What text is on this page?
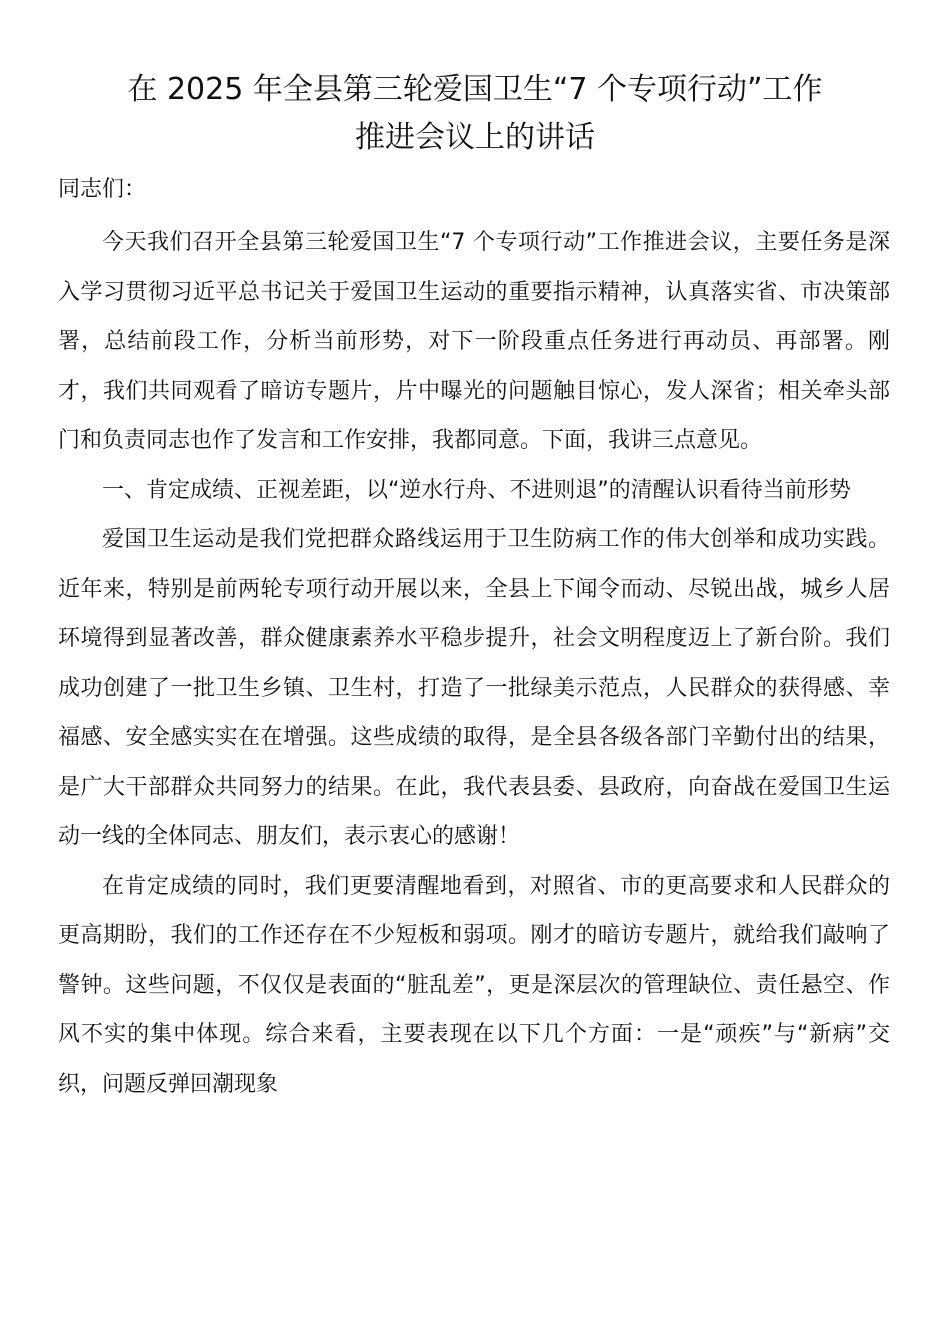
在 2025 年全县第三轮爱国卫生“7 个专项行动”工作
推进会议上的讲话

同志们：

今天我们召开全县第三轮爱国卫生“7 个专项行动”工作推进会议，主要任务是深入学习贯彻习近平总书记关于爱国卫生运动的重要指示精神，认真落实省、市决策部署，总结前段工作，分析当前形势，对下一阶段重点任务进行再动员、再部署。刚才，我们共同观看了暗访专题片，片中曝光的问题触目惊心，发人深省；相关牵头部门和负责同志也作了发言和工作安排，我都同意。下面，我讲三点意见。

一、肯定成绩、正视差距，以“逆水行舟、不进则退”的清醒认识看待当前形势

爱国卫生运动是我们党把群众路线运用于卫生防病工作的伟大创举和成功实践。近年来，特别是前两轮专项行动开展以来，全县上下闻令而动、尽锐出战，城乡人居环境得到显著改善，群众健康素养水平稳步提升，社会文明程度迈上了新台阶。我们成功创建了一批卫生乡镇、卫生村，打造了一批绿美示范点，人民群众的获得感、幸福感、安全感实实在在增强。这些成绩的取得，是全县各级各部门辛勤付出的结果，是广大干部群众共同努力的结果。在此，我代表县委、县政府，向奋战在爱国卫生运动一线的全体同志、朋友们，表示衷心的感谢！

在肯定成绩的同时，我们更要清醒地看到，对照省、市的更高要求和人民群众的更高期盼，我们的工作还存在不少短板和弱项。刚才的暗访专题片，就给我们敲响了警钟。这些问题，不仅仅是表面的“脏乱差”，更是深层次的管理缺位、责任悬空、作风不实的集中体现。综合来看，主要表现在以下几个方面：一是“顽疾”与“新病”交织，问题反弹回潮现象
